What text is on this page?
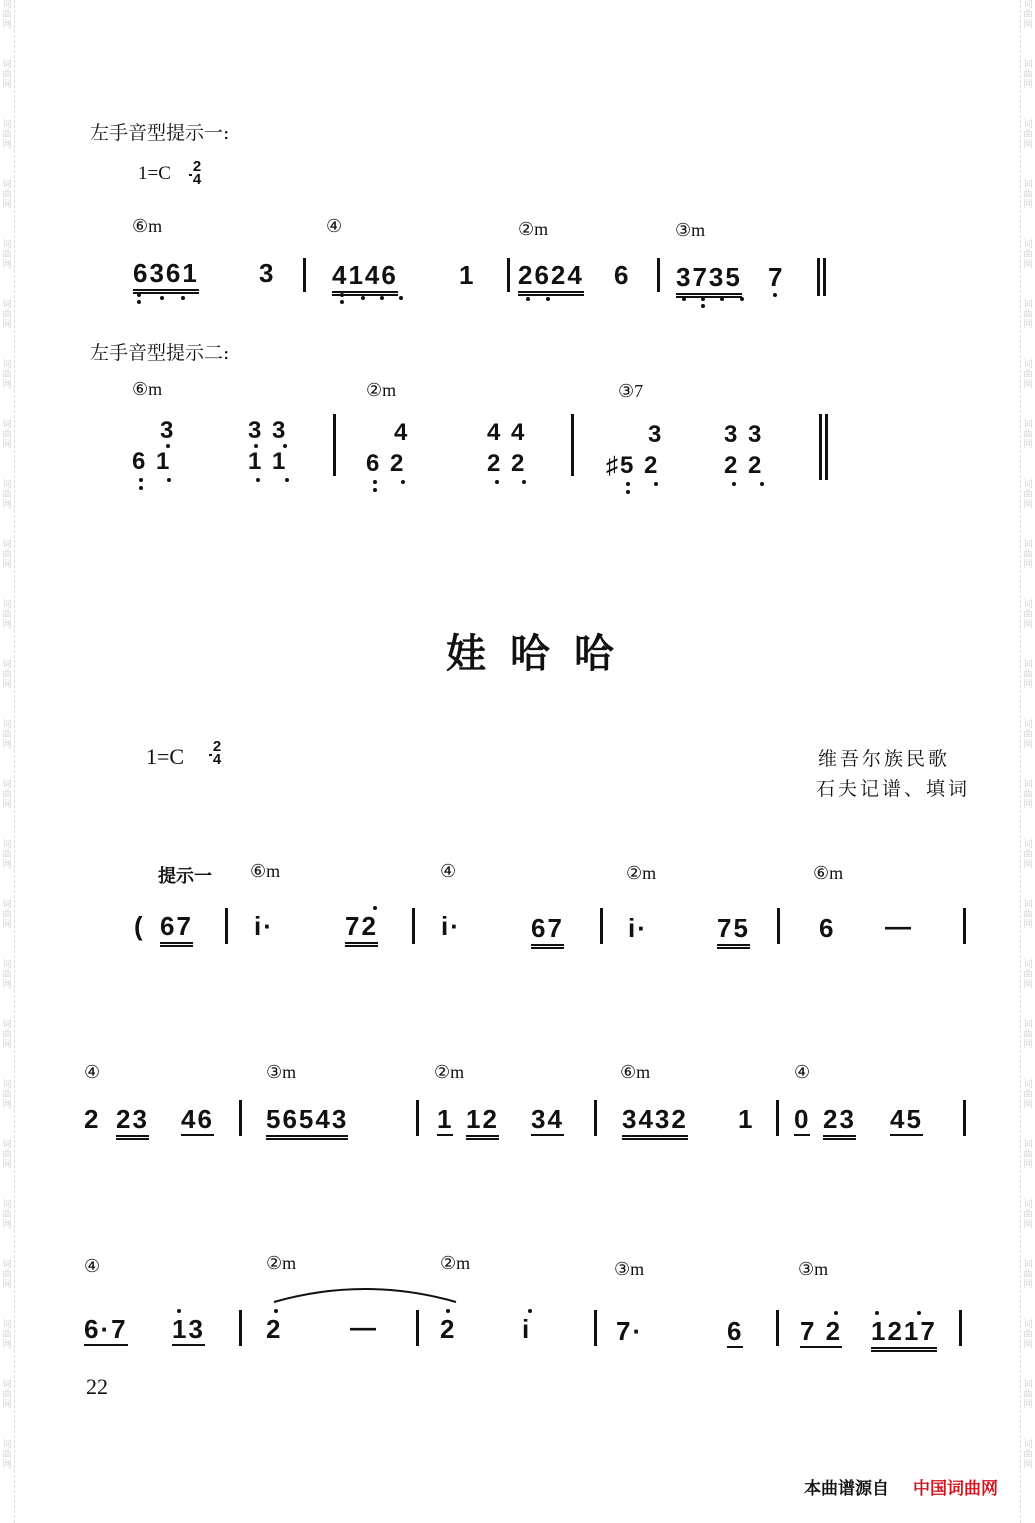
词
曲
网
词
曲
网
词
曲
网
词
曲
网
词
曲
网
词
曲
网
词
曲
网
词
曲
网
词
曲
网
词
曲
网
词
曲
网
词
曲
网
词
曲
网
词
曲
网
词
曲
网
词
曲
网
词
曲
网
词
曲
网
词
曲
网
词
曲
网
词
曲
网
词
曲
网
词
曲
网
词
曲
网
词
曲
网
词
曲
网
词
曲
网
词
曲
网
词
曲
网
词
曲
网
词
曲
网
词
曲
网
词
曲
网
词
曲
网
词
曲
网
词
曲
网
词
曲
网
词
曲
网
词
曲
网
词
曲
网
词
曲
网
词
曲
网
词
曲
网
词
曲
网
词
曲
网
词
曲
网
词
曲
网
词
曲
网
词
曲
网
词
曲
网
左手音型提示一:
1=C 2
4
⑥m	④	②m	③m
6361 3 4146 1 2624 6 3735 7
左手音型提示二:
⑥m	②m	③7
3	3 3	4	4 4	3	3 3
6 1	1 1	6 2	2 2	♯5 2	2 2
娃哈哈
1=C 2
4	维吾尔族民歌
石夫记谱、填词
提示一 ⑥m	④	②m	⑥m
( 67 i·	72 i·	67 i·	75	6 —
④	③m	②m	⑥m	④
2 23 46 56543	1 12 34 3432 1 0 23 45
④	②m	②m	③m	③m
6·7 13 2	— 2	i	7·	6 7 2 1217
22
本曲谱源自 中国词曲网
